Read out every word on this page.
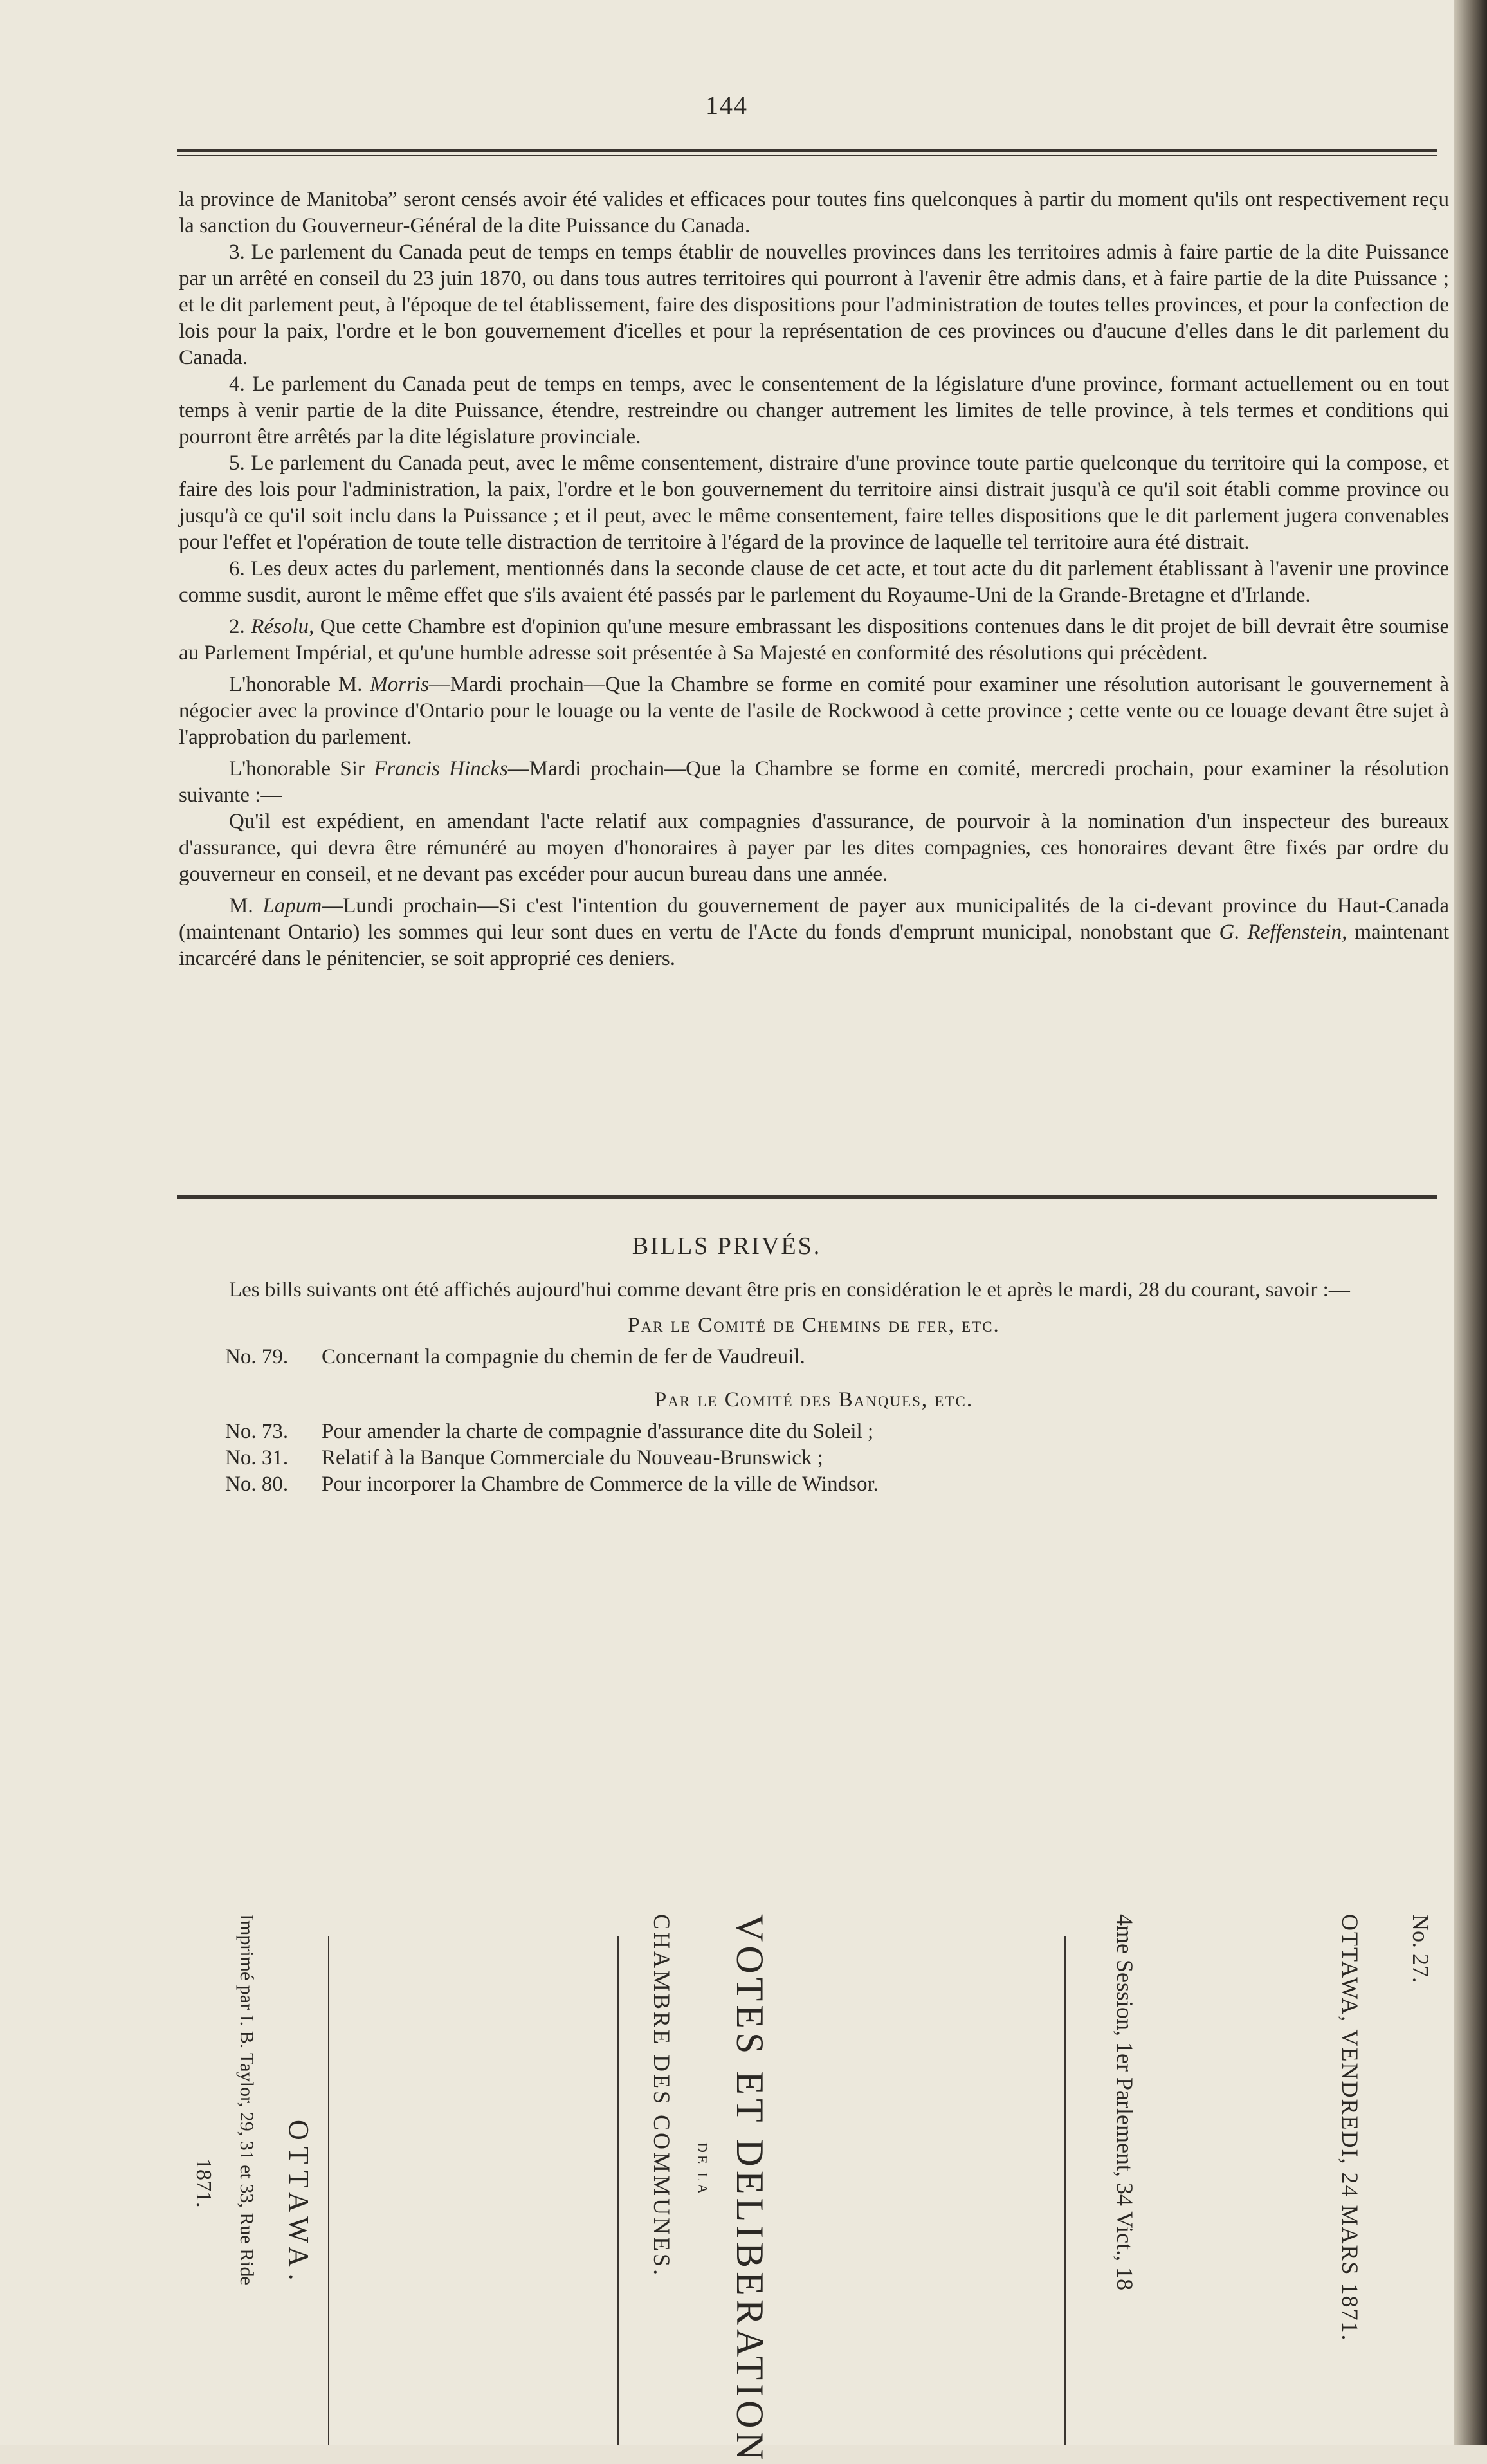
144

la province de Manitoba” seront censés avoir été valides et efficaces pour toutes fins quelconques à partir du moment qu'ils ont respectivement reçu la sanction du Gouverneur-Général de la dite Puissance du Canada.

3. Le parlement du Canada peut de temps en temps établir de nouvelles provinces dans les territoires admis à faire partie de la dite Puissance par un arrêté en conseil du 23 juin 1870, ou dans tous autres territoires qui pourront à l'avenir être admis dans, et à faire partie de la dite Puissance ; et le dit parlement peut, à l'époque de tel établissement, faire des dispositions pour l'administration de toutes telles provinces, et pour la confection de lois pour la paix, l'ordre et le bon gouvernement d'icelles et pour la représentation de ces provinces ou d'aucune d'elles dans le dit parlement du Canada.

4. Le parlement du Canada peut de temps en temps, avec le consentement de la législature d'une province, formant actuellement ou en tout temps à venir partie de la dite Puissance, étendre, restreindre ou changer autrement les limites de telle province, à tels termes et conditions qui pourront être arrêtés par la dite législature provinciale.

5. Le parlement du Canada peut, avec le même consentement, distraire d'une province toute partie quelconque du territoire qui la compose, et faire des lois pour l'administration, la paix, l'ordre et le bon gouvernement du territoire ainsi distrait jusqu'à ce qu'il soit établi comme province ou jusqu'à ce qu'il soit inclu dans la Puissance ; et il peut, avec le même consentement, faire telles dispositions que le dit parlement jugera convenables pour l'effet et l'opération de toute telle distraction de territoire à l'égard de la province de laquelle tel territoire aura été distrait.

6. Les deux actes du parlement, mentionnés dans la seconde clause de cet acte, et tout acte du dit parlement établissant à l'avenir une province comme susdit, auront le même effet que s'ils avaient été passés par le parlement du Royaume-Uni de la Grande-Bretagne et d'Irlande.

2. Résolu, Que cette Chambre est d'opinion qu'une mesure embrassant les dispositions contenues dans le dit projet de bill devrait être soumise au Parlement Impérial, et qu'une humble adresse soit présentée à Sa Majesté en conformité des résolutions qui précèdent.

L'honorable M. Morris—Mardi prochain—Que la Chambre se forme en comité pour examiner une résolution autorisant le gouvernement à négocier avec la province d'Ontario pour le louage ou la vente de l'asile de Rockwood à cette province ; cette vente ou ce louage devant être sujet à l'approbation du parlement.

L'honorable Sir Francis Hincks—Mardi prochain—Que la Chambre se forme en comité, mercredi prochain, pour examiner la résolution suivante :—

Qu'il est expédient, en amendant l'acte relatif aux compagnies d'assurance, de pourvoir à la nomination d'un inspecteur des bureaux d'assurance, qui devra être rémunéré au moyen d'honoraires à payer par les dites compagnies, ces honoraires devant être fixés par ordre du gouverneur en conseil, et ne devant pas excéder pour aucun bureau dans une année.

M. Lapum—Lundi prochain—Si c'est l'intention du gouvernement de payer aux municipalités de la ci-devant province du Haut-Canada (maintenant Ontario) les sommes qui leur sont dues en vertu de l'Acte du fonds d'emprunt municipal, nonobstant que G. Reffenstein, maintenant incarcéré dans le pénitencier, se soit approprié ces deniers.

BILLS PRIVÉS.

Les bills suivants ont été affichés aujourd'hui comme devant être pris en considération le et après le mardi, 28 du courant, savoir :—

Par le Comité de Chemins de fer, etc.

No. 79. Concernant la compagnie du chemin de fer de Vaudreuil.

Par le Comité des Banques, etc.

No. 73. Pour amender la charte de compagnie d'assurance dite du Soleil ;

No. 31. Relatif à la Banque Commerciale du Nouveau-Brunswick ;

No. 80. Pour incorporer la Chambre de Commerce de la ville de Windsor.

No. 27.
OTTAWA, VENDREDI, 24 MARS 1871.
4me Session, 1er Parlement, 34 Vict., 18
VOTES ET DELIBERATION
DE LA
CHAMBRE DES COMMUNES.
OTTAWA.
Imprimé par I. B. Taylor, 29, 31 et 33, Rue Ride
1871.
